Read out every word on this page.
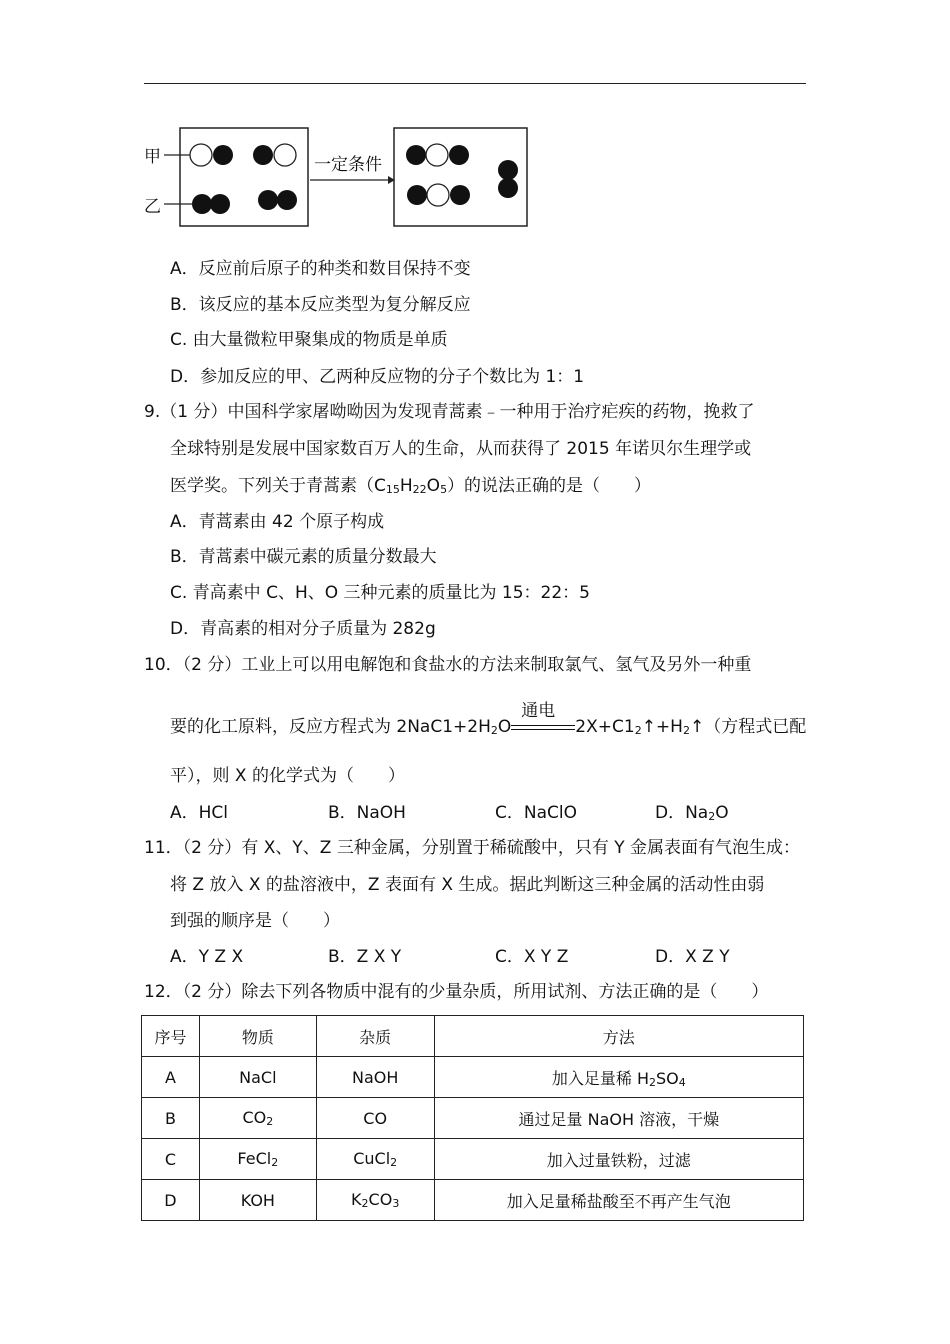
甲
乙
一定条件
A．反应前后原子的种类和数目保持不变
B．该反应的基本反应类型为复分解反应
C. 由大量微粒甲聚集成的物质是单质
D．参加反应的甲、乙两种反应物的分子个数比为 1：1
9.（1 分）中国科学家屠呦呦因为发现青蒿素﹣一种用于治疗疟疾的药物，挽救了
全球特别是发展中国家数百万人的生命，从而获得了 2015 年诺贝尔生理学或
医学奖。下列关于青蒿素$(C_{15}H_{22}O_5)$的说法正确的是（　　）
A．青蒿素由 42 个原子构成
B．青蒿素中碳元素的质量分数最大
C. 青高素中 C、H、O 三种元素的质量比为 15：22：5
D．青高素的相对分子质量为 282g
10．（2 分）工业上可以用电解饱和食盐水的方法来制取氯气、氢气及另外一种重
要的化工原料，反应方程式为 $2NaC1+2H_2O$
通电
$2X+C1_2↑+H_2↑$（方程式已配
平），则 X 的化学式为（　　）
A．HCl	B．NaOH	C．NaClO	D．$Na_2O$
11．（2 分）有 X、Y、Z 三种金属，分别置于稀硫酸中，只有 Y 金属表面有气泡生成：
将 Z 放入 X 的盐溶液中，Z 表面有 X 生成。据此判断这三种金属的活动性由弱
到强的顺序是（　　）
A．Y Z X	B．Z X Y	C．X Y Z	D．X Z Y
12．（2 分）除去下列各物质中混有的少量杂质，所用试剂、方法正确的是（　　）
序号	物质	杂质	方法
A	NaCl	NaOH	加入足量稀 $H_2SO_4$
B	$CO_2$	CO	通过足量 NaOH 溶液，干燥
C	FeCl$_2$	CuCl$_2$	加入过量铁粉，过滤
D	KOH	$K_2CO_3$	加入足量稀盐酸至不再产生气泡
